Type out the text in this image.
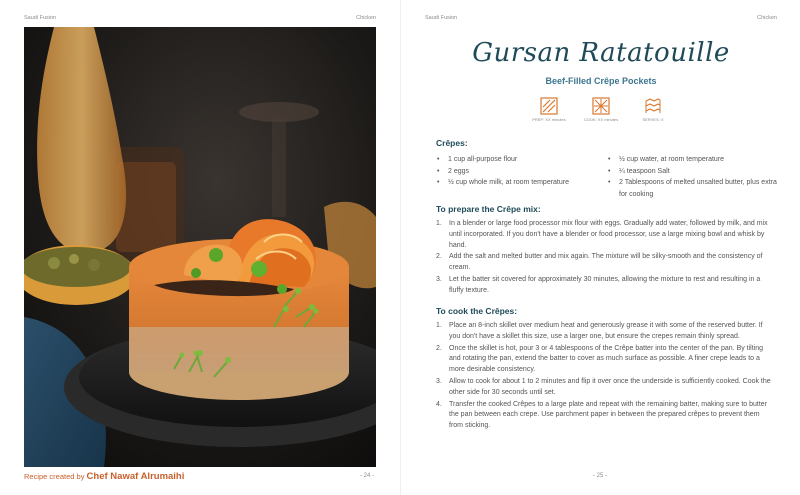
Saudi Fusion	Chicken
Recipe created by Chef Nawaf Alrumaihi	- 24 -
Saudi Fusion	Chicken
Gursan Ratatouille
Beef-Filled Crêpe Pockets
PREP: XX minutes	COOK: XX minutes	SERVES: X
Crêpes:
• 1 cup all-purpose flour
• 2 eggs
• ½ cup whole milk, at room temperature
• ½ cup water, at room temperature
• ¼ teaspoon Salt
• 2 Tablespoons of melted unsalted butter, plus extra for cooking
To prepare the Crêpe mix:
1. In a blender or large food processor mix flour with eggs. Gradually add water, followed by milk, and mix until incorporated. If you don't have a blender or food processor, use a large mixing bowl and whisk by hand.
2. Add the salt and melted butter and mix again. The mixture will be silky-smooth and the consistency of cream.
3. Let the batter sit covered for approximately 30 minutes, allowing the mixture to rest and resulting in a fluffy texture.
To cook the Crêpes:
1. Place an 8-inch skillet over medium heat and generously grease it with some of the reserved butter. If you don't have a skillet this size, use a larger one, but ensure the crepes remain thinly spread.
2. Once the skillet is hot, pour 3 or 4 tablespoons of the Crêpe batter into the center of the pan. By tilting and rotating the pan, extend the batter to cover as much surface as possible. A finer crepe leads to a more desirable consistency.
3. Allow to cook for about 1 to 2 minutes and flip it over once the underside is sufficiently cooked. Cook the other side for 30 seconds until set.
4. Transfer the cooked Crêpes to a large plate and repeat with the remaining batter, making sure to butter the pan between each crepe. Use parchment paper in between the prepared crêpes to prevent them from sticking.
- 25 -
